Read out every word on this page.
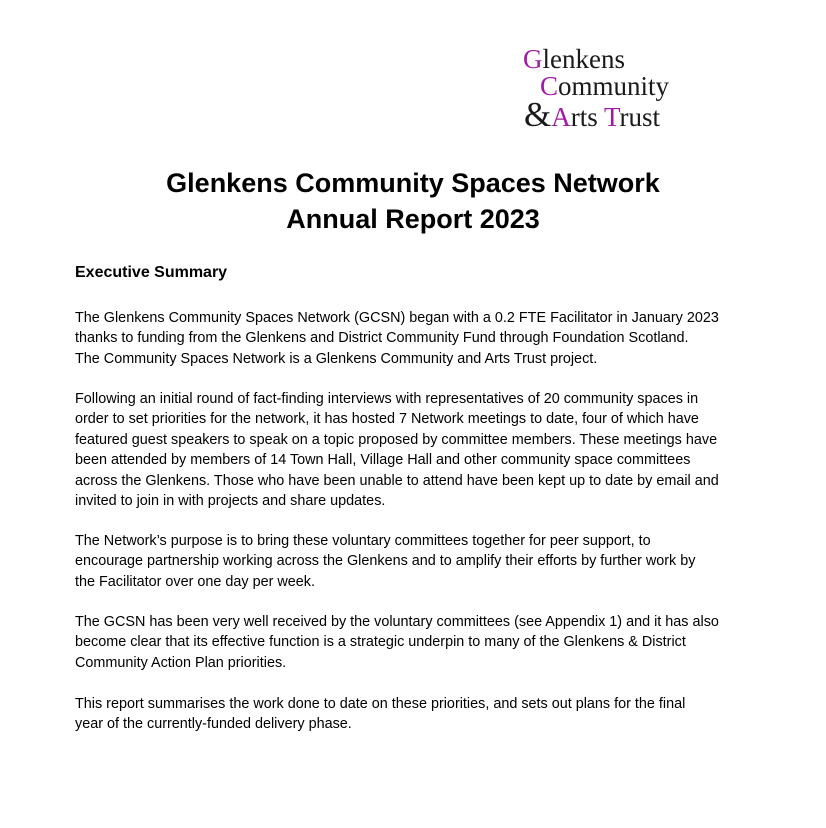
Glenkens
Community
&Arts Trust
Glenkens Community Spaces Network
Annual Report 2023
Executive Summary
The Glenkens Community Spaces Network (GCSN) began with a 0.2 FTE Facilitator in January 2023
thanks to funding from the Glenkens and District Community Fund through Foundation Scotland.
The Community Spaces Network is a Glenkens Community and Arts Trust project.
Following an initial round of fact-finding interviews with representatives of 20 community spaces in
order to set priorities for the network, it has hosted 7 Network meetings to date, four of which have
featured guest speakers to speak on a topic proposed by committee members. These meetings have
been attended by members of 14 Town Hall, Village Hall and other community space committees
across the Glenkens. Those who have been unable to attend have been kept up to date by email and
invited to join in with projects and share updates.
The Network’s purpose is to bring these voluntary committees together for peer support, to
encourage partnership working across the Glenkens and to amplify their efforts by further work by
the Facilitator over one day per week.
The GCSN has been very well received by the voluntary committees (see Appendix 1) and it has also
become clear that its effective function is a strategic underpin to many of the Glenkens & District
Community Action Plan priorities.
This report summarises the work done to date on these priorities, and sets out plans for the final
year of the currently-funded delivery phase.
